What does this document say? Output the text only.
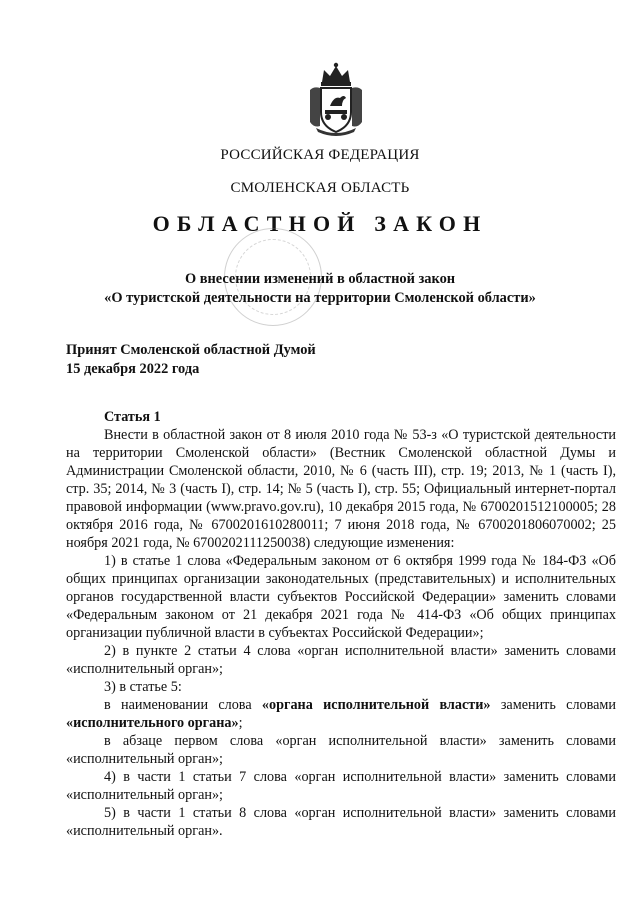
РОССИЙСКАЯ ФЕДЕРАЦИЯ
СМОЛЕНСКАЯ ОБЛАСТЬ
ОБЛАСТНОЙ ЗАКОН
О внесении изменений в областной закон
«О туристской деятельности на территории Смоленской области»
Принят Смоленской областной Думой
15 декабря 2022 года

Статья 1

Внести в областной закон от 8 июля 2010 года № 53-з «О туристской деятельности на территории Смоленской области» (Вестник Смоленской областной Думы и Администрации Смоленской области, 2010, № 6 (часть III), стр. 19; 2013, № 1 (часть I), стр. 35; 2014, № 3 (часть I), стр. 14; № 5 (часть I), стр. 55; Официальный интернет-портал правовой информации (www.pravo.gov.ru), 10 декабря 2015 года, № 6700201512100005; 28 октября 2016 года, № 6700201610280011; 7 июня 2018 года, № 6700201806070002; 25 ноября 2021 года, № 6700202111250038) следующие изменения:

1) в статье 1 слова «Федеральным законом от 6 октября 1999 года № 184-ФЗ «Об общих принципах организации законодательных (представительных) и исполнительных органов государственной власти субъектов Российской Федерации» заменить словами «Федеральным законом от 21 декабря 2021 года № 414-ФЗ «Об общих принципах организации публичной власти в субъектах Российской Федерации»;

2) в пункте 2 статьи 4 слова «орган исполнительной власти» заменить словами «исполнительный орган»;

3) в статье 5:

в наименовании слова «органа исполнительной власти» заменить словами «исполнительного органа»;

в абзаце первом слова «орган исполнительной власти» заменить словами «исполнительный орган»;

4) в части 1 статьи 7 слова «орган исполнительной власти» заменить словами «исполнительный орган»;

5) в части 1 статьи 8 слова «орган исполнительной власти» заменить словами «исполнительный орган».
